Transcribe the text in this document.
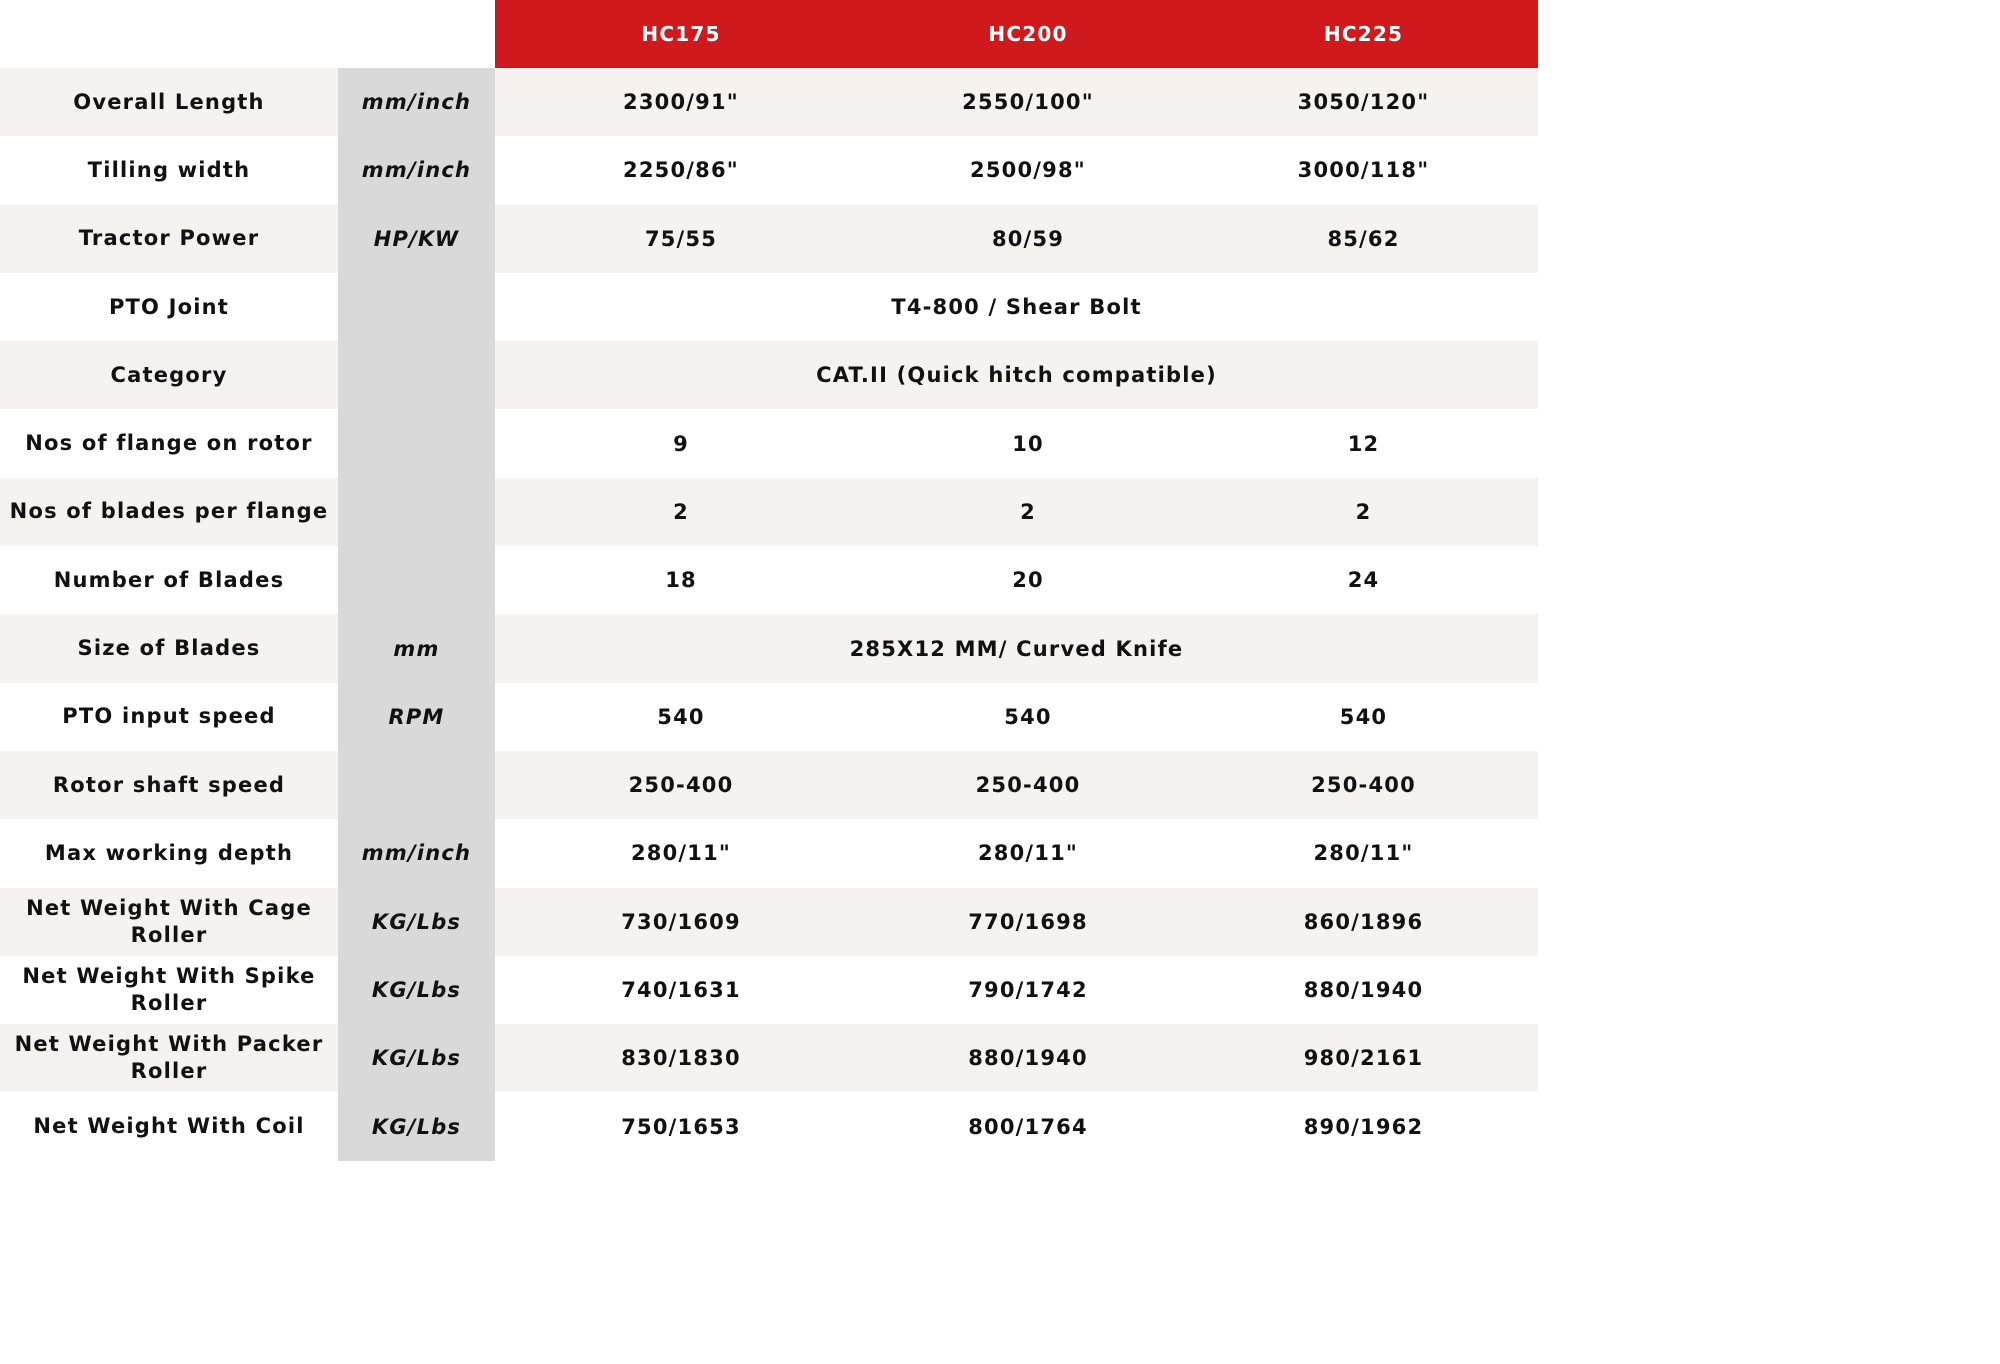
		HC175	HC200	HC225
Overall Length	mm/inch	2300/91"	2550/100"	3050/120"
Tilling width	mm/inch	2250/86"	2500/98"	3000/118"
Tractor Power	HP/KW	75/55	80/59	85/62
PTO Joint		T4-800 / Shear Bolt		
Category		CAT.II (Quick hitch compatible)		
Nos of flange on rotor		9	10	12
Nos of blades per flange		2	2	2
Number of Blades		18	20	24
Size of Blades	mm	285X12 MM/ Curved Knife		
PTO input speed	RPM	540	540	540
Rotor shaft speed		250-400	250-400	250-400
Max working depth	mm/inch	280/11"	280/11"	280/11"
Net Weight With Cage Roller	KG/Lbs	730/1609	770/1698	860/1896
Net Weight With Spike Roller	KG/Lbs	740/1631	790/1742	880/1940
Net Weight With Packer Roller	KG/Lbs	830/1830	880/1940	980/2161
Net Weight With Coil	KG/Lbs	750/1653	800/1764	890/1962
